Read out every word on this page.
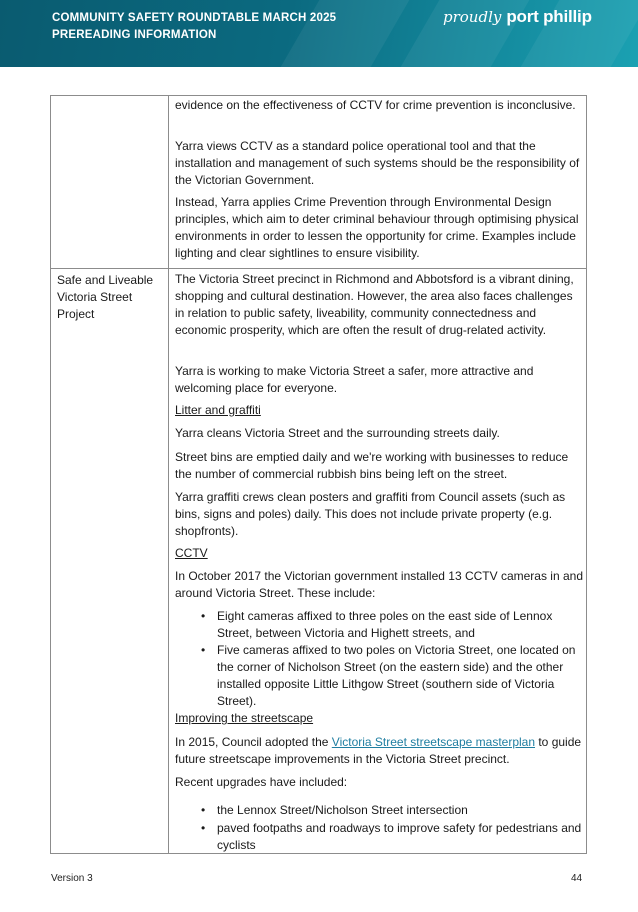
COMMUNITY SAFETY ROUNDTABLE MARCH 2025
PREREADING INFORMATION
proudly port phillip
evidence on the effectiveness of CCTV for crime prevention is inconclusive.
Yarra views CCTV as a standard police operational tool and that the installation and management of such systems should be the responsibility of the Victorian Government.
Instead, Yarra applies Crime Prevention through Environmental Design principles, which aim to deter criminal behaviour through optimising physical environments in order to lessen the opportunity for crime. Examples include lighting and clear sightlines to ensure visibility.
Safe and Liveable Victoria Street Project
The Victoria Street precinct in Richmond and Abbotsford is a vibrant dining, shopping and cultural destination. However, the area also faces challenges in relation to public safety, liveability, community connectedness and economic prosperity, which are often the result of drug-related activity.
Yarra is working to make Victoria Street a safer, more attractive and welcoming place for everyone.
Litter and graffiti
Yarra cleans Victoria Street and the surrounding streets daily.
Street bins are emptied daily and we're working with businesses to reduce the number of commercial rubbish bins being left on the street.
Yarra graffiti crews clean posters and graffiti from Council assets (such as bins, signs and poles) daily. This does not include private property (e.g. shopfronts).
CCTV
In October 2017 the Victorian government installed 13 CCTV cameras in and around Victoria Street. These include:
• Eight cameras affixed to three poles on the east side of Lennox Street, between Victoria and Highett streets, and
• Five cameras affixed to two poles on Victoria Street, one located on the corner of Nicholson Street (on the eastern side) and the other installed opposite Little Lithgow Street (southern side of Victoria Street).
Improving the streetscape
In 2015, Council adopted the Victoria Street streetscape masterplan to guide future streetscape improvements in the Victoria Street precinct.
Recent upgrades have included:
• the Lennox Street/Nicholson Street intersection
• paved footpaths and roadways to improve safety for pedestrians and cyclists
Version 3	44
